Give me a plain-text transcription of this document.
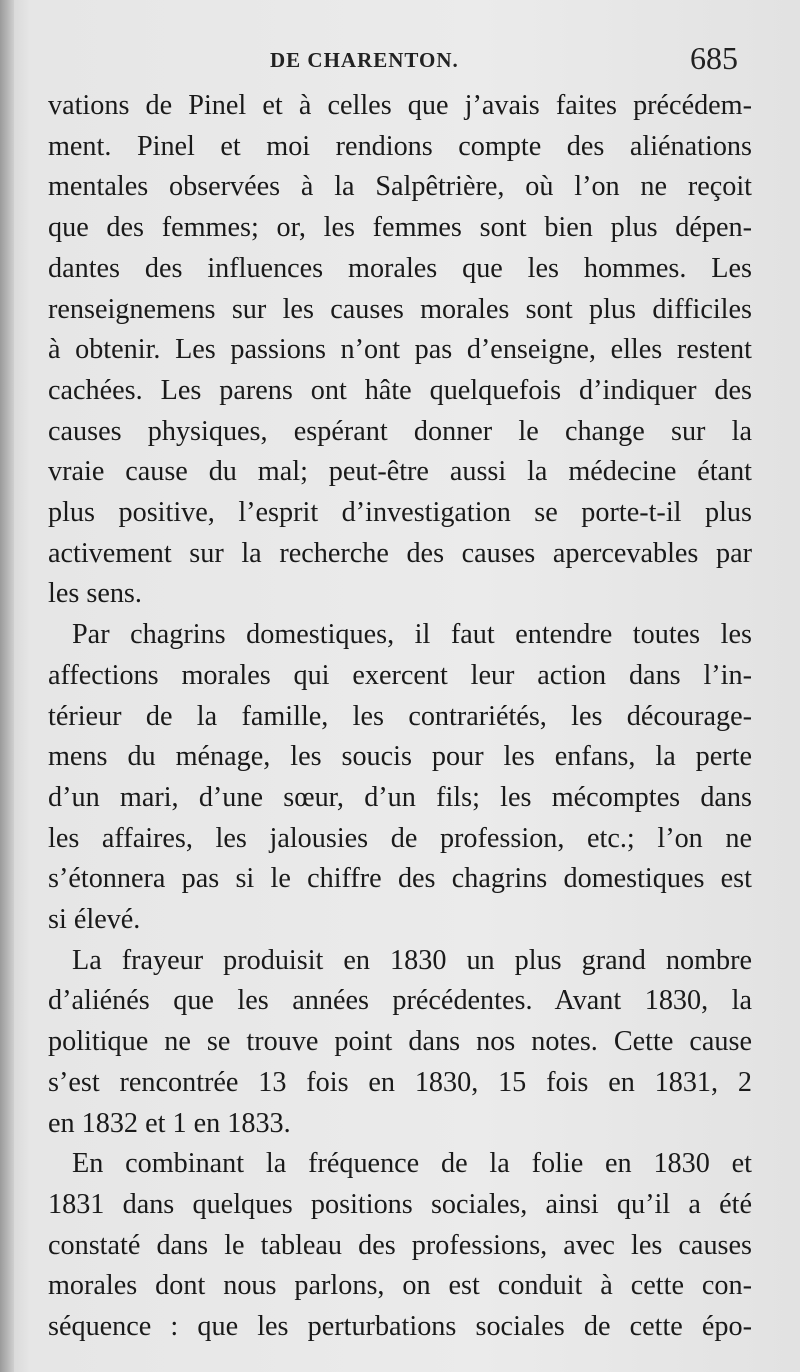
DE CHARENTON.	685

vations de Pinel et à celles que j’avais faites précédem-
ment. Pinel et moi rendions compte des aliénations
mentales observées à la Salpêtrière, où l’on ne reçoit
que des femmes; or, les femmes sont bien plus dépen-
dantes des influences morales que les hommes. Les
renseignemens sur les causes morales sont plus difficiles
à obtenir. Les passions n’ont pas d’enseigne, elles restent
cachées. Les parens ont hâte quelquefois d’indiquer des
causes physiques, espérant donner le change sur la
vraie cause du mal; peut-être aussi la médecine étant
plus positive, l’esprit d’investigation se porte-t-il plus
activement sur la recherche des causes apercevables par
les sens.

Par chagrins domestiques, il faut entendre toutes les
affections morales qui exercent leur action dans l’in-
térieur de la famille, les contrariétés, les décourage-
mens du ménage, les soucis pour les enfans, la perte
d’un mari, d’une sœur, d’un fils; les mécomptes dans
les affaires, les jalousies de profession, etc.; l’on ne
s’étonnera pas si le chiffre des chagrins domestiques est
si élevé.

La frayeur produisit en 1830 un plus grand nombre
d’aliénés que les années précédentes. Avant 1830, la
politique ne se trouve point dans nos notes. Cette cause
s’est rencontrée 13 fois en 1830, 15 fois en 1831, 2
en 1832 et 1 en 1833.

En combinant la fréquence de la folie en 1830 et
1831 dans quelques positions sociales, ainsi qu’il a été
constaté dans le tableau des professions, avec les causes
morales dont nous parlons, on est conduit à cette con-
séquence : que les perturbations sociales de cette épo-
